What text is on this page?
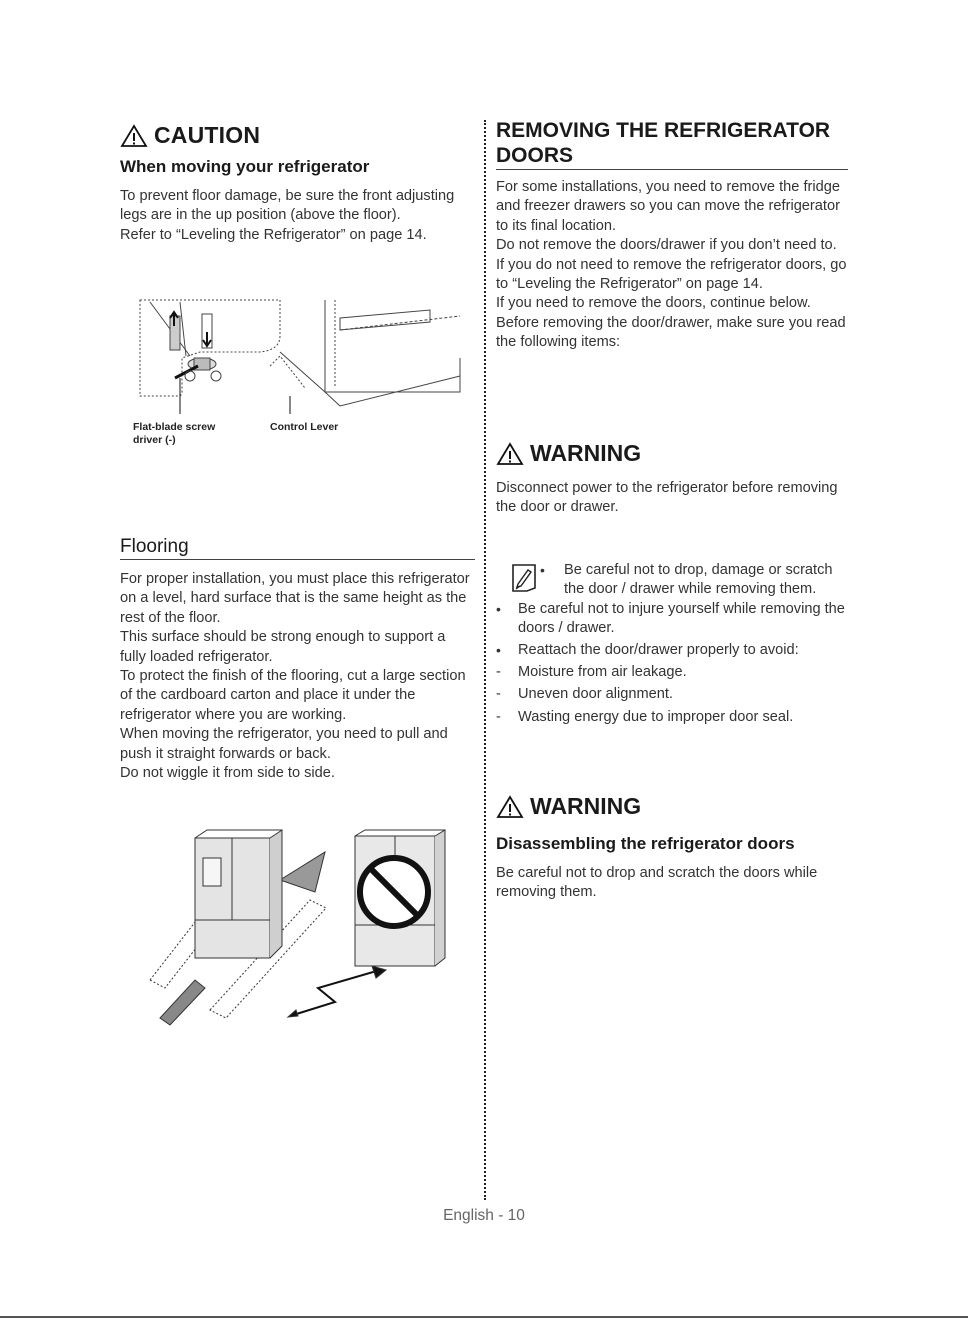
CAUTION
When moving your refrigerator

To prevent floor damage, be sure the front adjusting legs are in the up position (above the floor).

Refer to “Leveling the Refrigerator” on page 14.

Flat-blade screw
driver (-)
Control Lever
Flooring

For proper installation, you must place this refrigerator on a level, hard surface that is the same height as the rest of the floor.

This surface should be strong enough to support a fully loaded refrigerator.

To protect the finish of the flooring, cut a large section of the cardboard carton and place it under the refrigerator where you are working.

When moving the refrigerator, you need to pull and push it straight forwards or back.

Do not wiggle it from side to side.

REMOVING THE REFRIGERATOR DOORS

For some installations, you need to remove the fridge and freezer drawers so you can move the refrigerator to its final location.

Do not remove the doors/drawer if you don’t need to.

If you do not need to remove the refrigerator doors, go to “Leveling the Refrigerator” on page 14.

If you need to remove the doors, continue below.

Before removing the door/drawer, make sure you read the following items:

WARNING
Disconnect power to the refrigerator before removing the door or drawer.
• Be careful not to drop, damage or scratch the door / drawer while removing them.
• Be careful not to injure yourself while removing the doors / drawer.
• Reattach the door/drawer properly to avoid:
- Moisture from air leakage.
- Uneven door alignment.
- Wasting energy due to improper door seal.
WARNING
Disassembling the refrigerator doors
Be careful not to drop and scratch the doors while removing them.
English - 10
